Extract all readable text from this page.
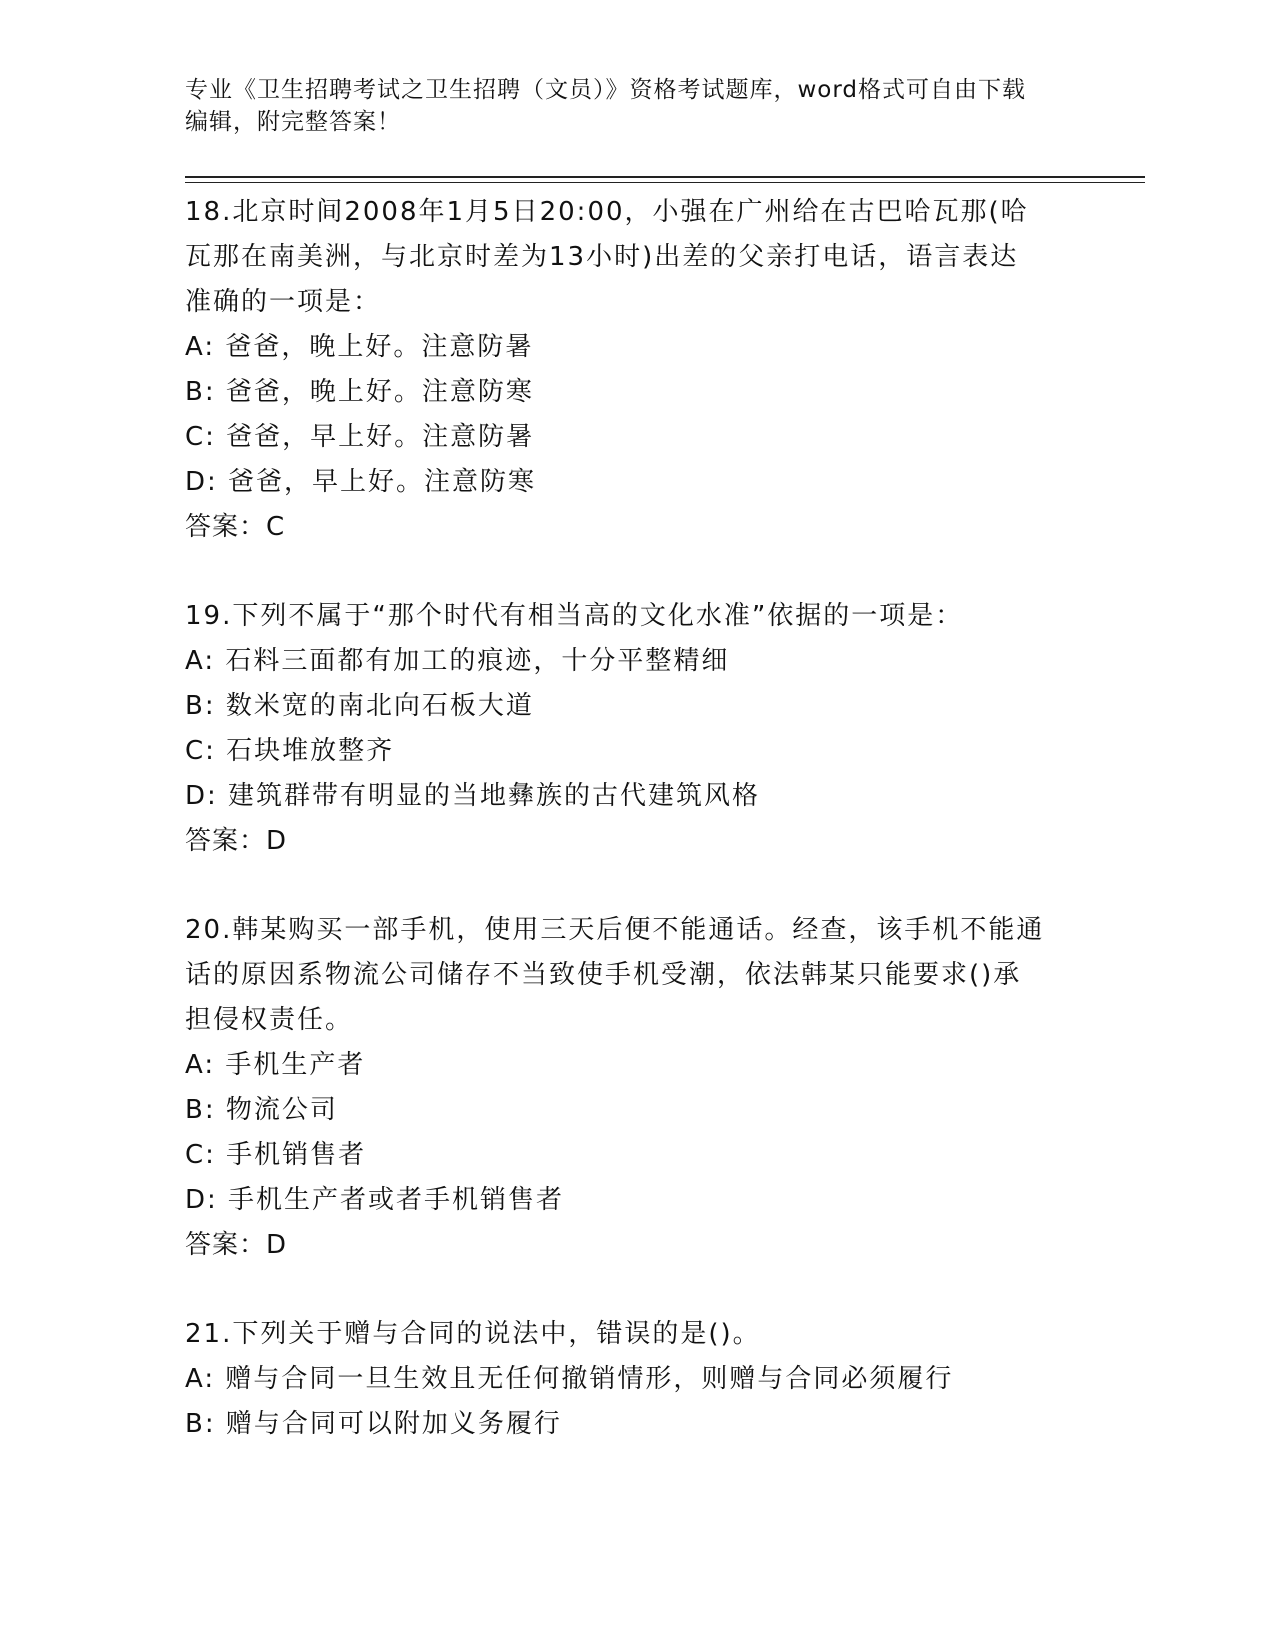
专业《卫生招聘考试之卫生招聘（文员）》资格考试题库，word格式可自由下载
编辑，附完整答案！

18.北京时间2008年1月5日20:00，小强在广州给在古巴哈瓦那(哈

瓦那在南美洲，与北京时差为13小时)出差的父亲打电话，语言表达

准确的一项是：

A: 爸爸，晚上好。注意防暑

B: 爸爸，晚上好。注意防寒

C: 爸爸，早上好。注意防暑

D: 爸爸，早上好。注意防寒

答案：C

19.下列不属于“那个时代有相当高的文化水准”依据的一项是：

A: 石料三面都有加工的痕迹，十分平整精细

B: 数米宽的南北向石板大道

C: 石块堆放整齐

D: 建筑群带有明显的当地彝族的古代建筑风格

答案：D

20.韩某购买一部手机，使用三天后便不能通话。经查，该手机不能通

话的原因系物流公司储存不当致使手机受潮，依法韩某只能要求()承

担侵权责任。

A: 手机生产者

B: 物流公司

C: 手机销售者

D: 手机生产者或者手机销售者

答案：D

21.下列关于赠与合同的说法中，错误的是()。

A: 赠与合同一旦生效且无任何撤销情形，则赠与合同必须履行

B: 赠与合同可以附加义务履行
